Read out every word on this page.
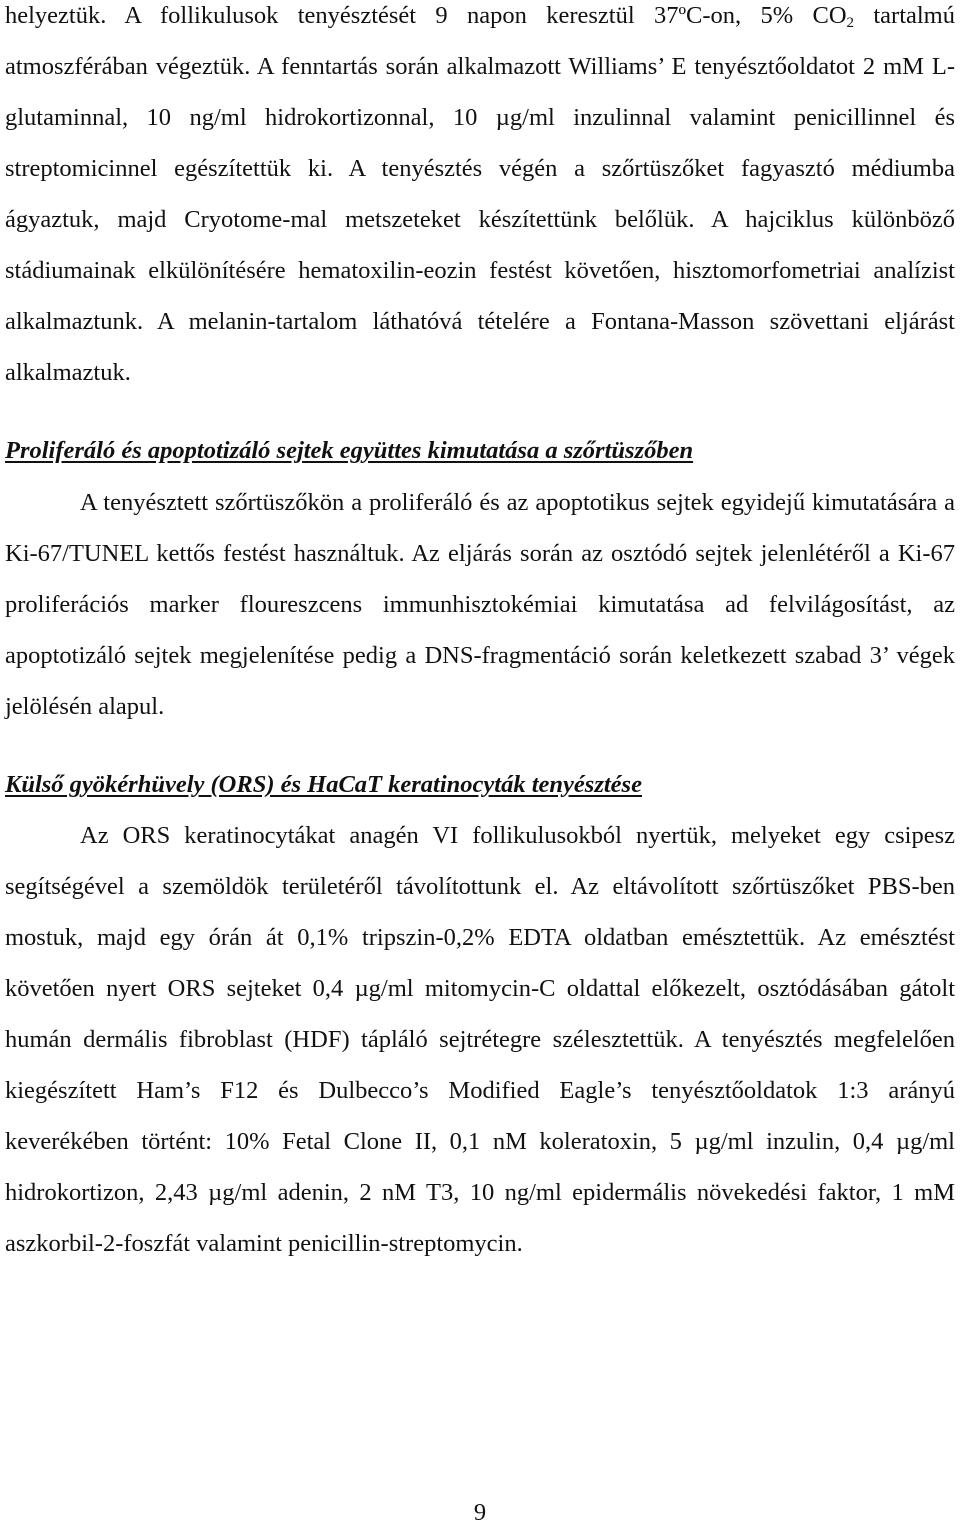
helyeztük. A follikulusok tenyésztését 9 napon keresztül 37ºC-on, 5% $CO_2$ tartalmú atmoszférában végeztük. A fenntartás során alkalmazott Williams’ E tenyésztőoldatot 2 mM L-glutaminnal, 10 ng/ml hidrokortizonnal, 10 µg/ml inzulinnal valamint penicillinnel és streptomicinnel egészítettük ki. A tenyésztés végén a szőrtüszőket fagyasztó médiumba ágyaztuk, majd Cryotome-mal metszeteket készítettünk belőlük. A hajciklus különböző stádiumainak elkülönítésére hematoxilin-eozin festést követően, hisztomorfometriai analízist alkalmaztunk. A melanin-tartalom láthatóvá tételére a Fontana-Masson szövettani eljárást alkalmaztuk.

Proliferáló és apoptotizáló sejtek együttes kimutatása a szőrtüszőben

A tenyésztett szőrtüszőkön a proliferáló és az apoptotikus sejtek egyidejű kimutatására a Ki-67/TUNEL kettős festést használtuk. Az eljárás során az osztódó sejtek jelenlétéről a Ki-67 proliferációs marker floureszcens immunhisztokémiai kimutatása ad felvilágosítást, az apoptotizáló sejtek megjelenítése pedig a DNS-fragmentáció során keletkezett szabad 3’ végek jelölésén alapul.

Külső gyökérhüvely (ORS) és HaCaT keratinocyták tenyésztése

Az ORS keratinocytákat anagén VI follikulusokból nyertük, melyeket egy csipesz segítségével a szemöldök területéről távolítottunk el. Az eltávolított szőrtüszőket PBS-ben mostuk, majd egy órán át 0,1% tripszin-0,2% EDTA oldatban emésztettük. Az emésztést követően nyert ORS sejteket 0,4 µg/ml mitomycin-C oldattal előkezelt, osztódásában gátolt humán dermális fibroblast (HDF) tápláló sejtrétegre szélesztettük. A tenyésztés megfelelően kiegészített Ham’s F12 és Dulbecco’s Modified Eagle’s tenyésztőoldatok 1:3 arányú keverékében történt: 10% Fetal Clone II, 0,1 nM koleratoxin, 5 µg/ml inzulin, 0,4 µg/ml hidrokortizon, 2,43 µg/ml adenin, 2 nM T3, 10 ng/ml epidermális növekedési faktor, 1 mM aszkorbil-2-foszfát valamint penicillin-streptomycin.

9
